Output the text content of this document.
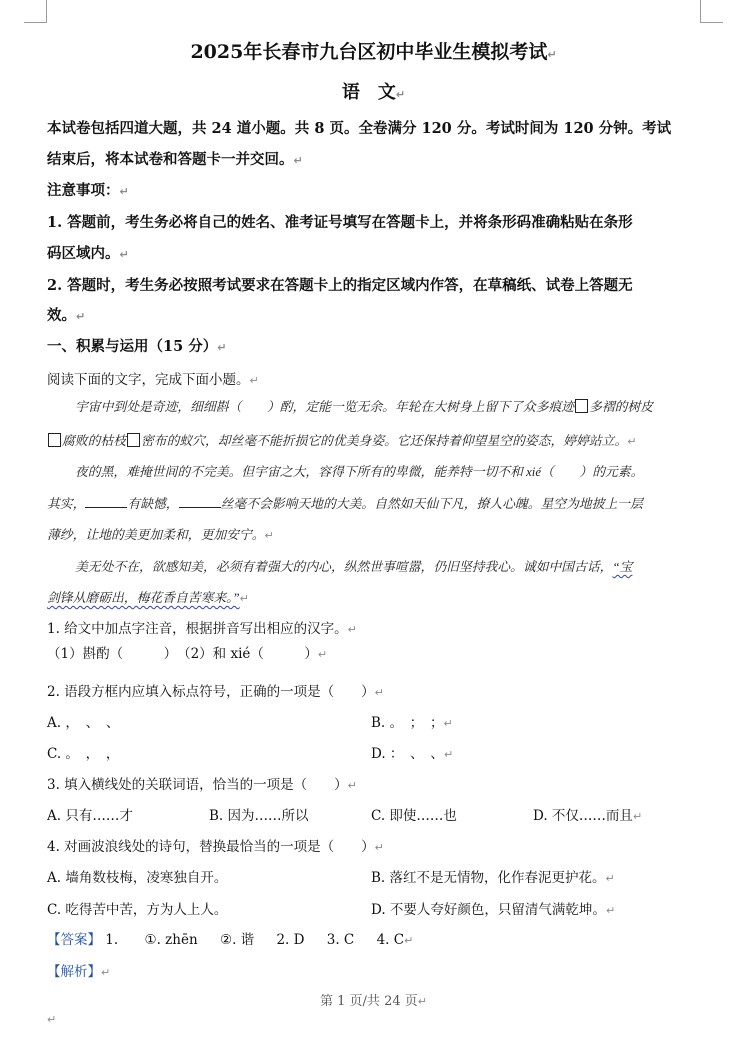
2025年长春市九台区初中毕业生模拟考试↵
语　文↵
本试卷包括四道大题，共 24 道小题。共 8 页。全卷满分 120 分。考试时间为 120 分钟。考试
结束后，将本试卷和答题卡一并交回。↵
注意事项：↵
1. 答题前，考生务必将自己的姓名、准考证号填写在答题卡上，并将条形码准确粘贴在条形
码区域内。↵
2. 答题时，考生务必按照考试要求在答题卡上的指定区域内作答，在草稿纸、试卷上答题无
效。↵
一、积累与运用（15 分）↵
阅读下面的文字，完成下面小题。↵
宇宙中到处是奇迹，细细斟（　　）酌，定能一览无余。年轮在大树身上留下了众多痕迹 多褶的树皮
腐败的枯枝 密布的蚁穴，却丝毫不能折损它的优美身姿。它还保持着仰望星空的姿态，婷婷站立。↵
夜的黑，难掩世间的不完美。但宇宙之大，容得下所有的卑微，能养特一切不和 xié（　　）的元素。
其实，	有缺憾，	丝毫不会影响天地的大美。自然如天仙下凡，撩人心魄。星空为地披上一层
薄纱，让地的美更加柔和，更加安宁。↵
美无处不在，欲感知美，必须有着强大的内心，纵然世事喧嚣，仍旧坚持我心。诚如中国古话，“宝
剑锋从磨砺出，梅花香自苦寒来。”↵
1. 给文中加点字注音，根据拼音写出相应的汉字。↵
（1）斟酌（　　　）　（2）和 xié（　　　）↵
2. 语段方框内应填入标点符号，正确的一项是（　　）↵
A. ，　、　、	B. 。　；　；↵
C. 。　，　，	D. ：　、　、↵
3. 填入横线处的关联词语，恰当的一项是（　　）↵
A. 只有……才	B. 因为……所以	C. 即使……也	D. 不仅……而且↵
4. 对画波浪线处的诗句，替换最恰当的一项是（　　）↵
A. 墙角数枝梅，凌寒独自开。	B. 落红不是无情物，化作春泥更护花。↵
C. 吃得苦中苦，方为人上人。	D. 不要人夸好颜色，只留清气满乾坤。↵
【答案】 1. ①. zhēn ②. 谐 2. D 3. C 4. C↵
【解析】↵
第 1 页/共 24 页↵
↵
